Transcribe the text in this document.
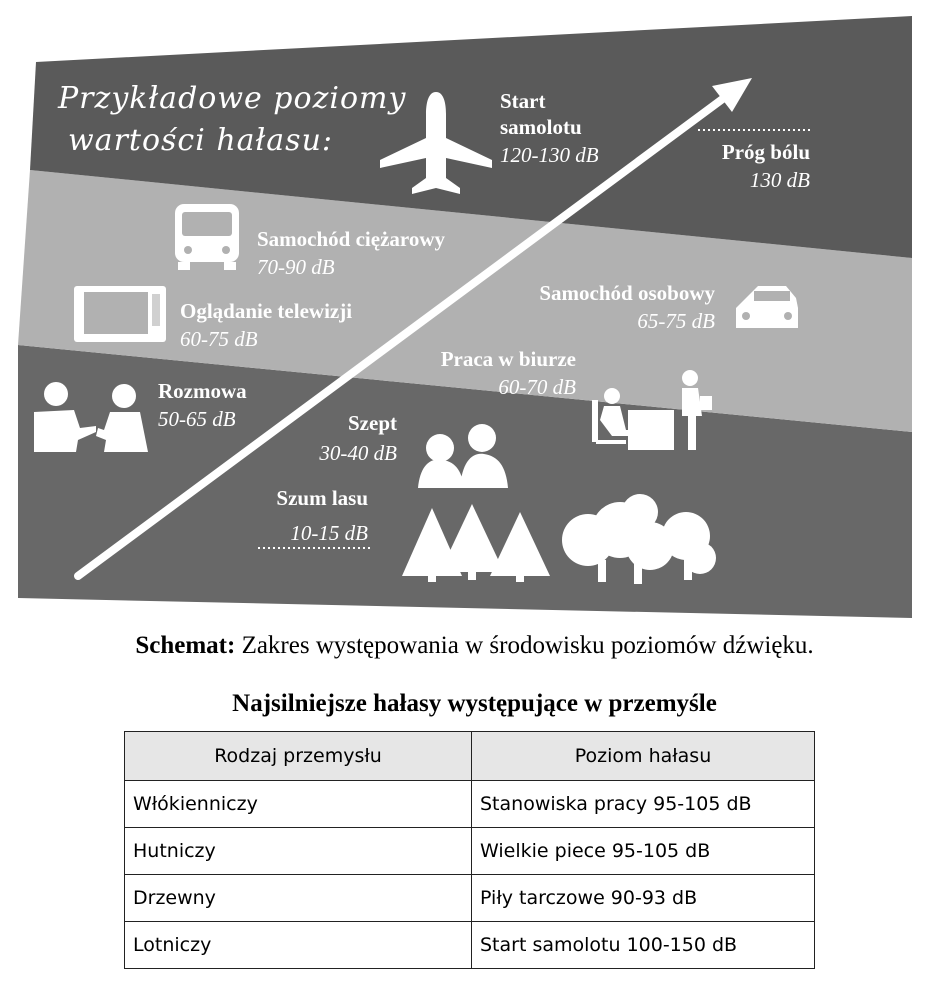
Przykładowe poziomy
wartości hałasu:
Start
samolotu
120-130 dB	Próg bólu
130 dB
Samochód ciężarowy
70-90 dB
Oglądanie telewizji
60-75 dB
Samochód osobowy
65-75 dB
Praca w biurze
60-70 dB
Rozmowa
50-65 dB	Szept
30-40 dB
Szum lasu
10-15 dB
Schemat: Zakres występowania w środowisku poziomów dźwięku.
Najsilniejsze hałasy występujące w przemyśle
Rodzaj przemysłu	Poziom hałasu
Włókienniczy	Stanowiska pracy 95-105 dB
Hutniczy	Wielkie piece 95-105 dB
Drzewny	Piły tarczowe 90-93 dB
Lotniczy	Start samolotu 100-150 dB
